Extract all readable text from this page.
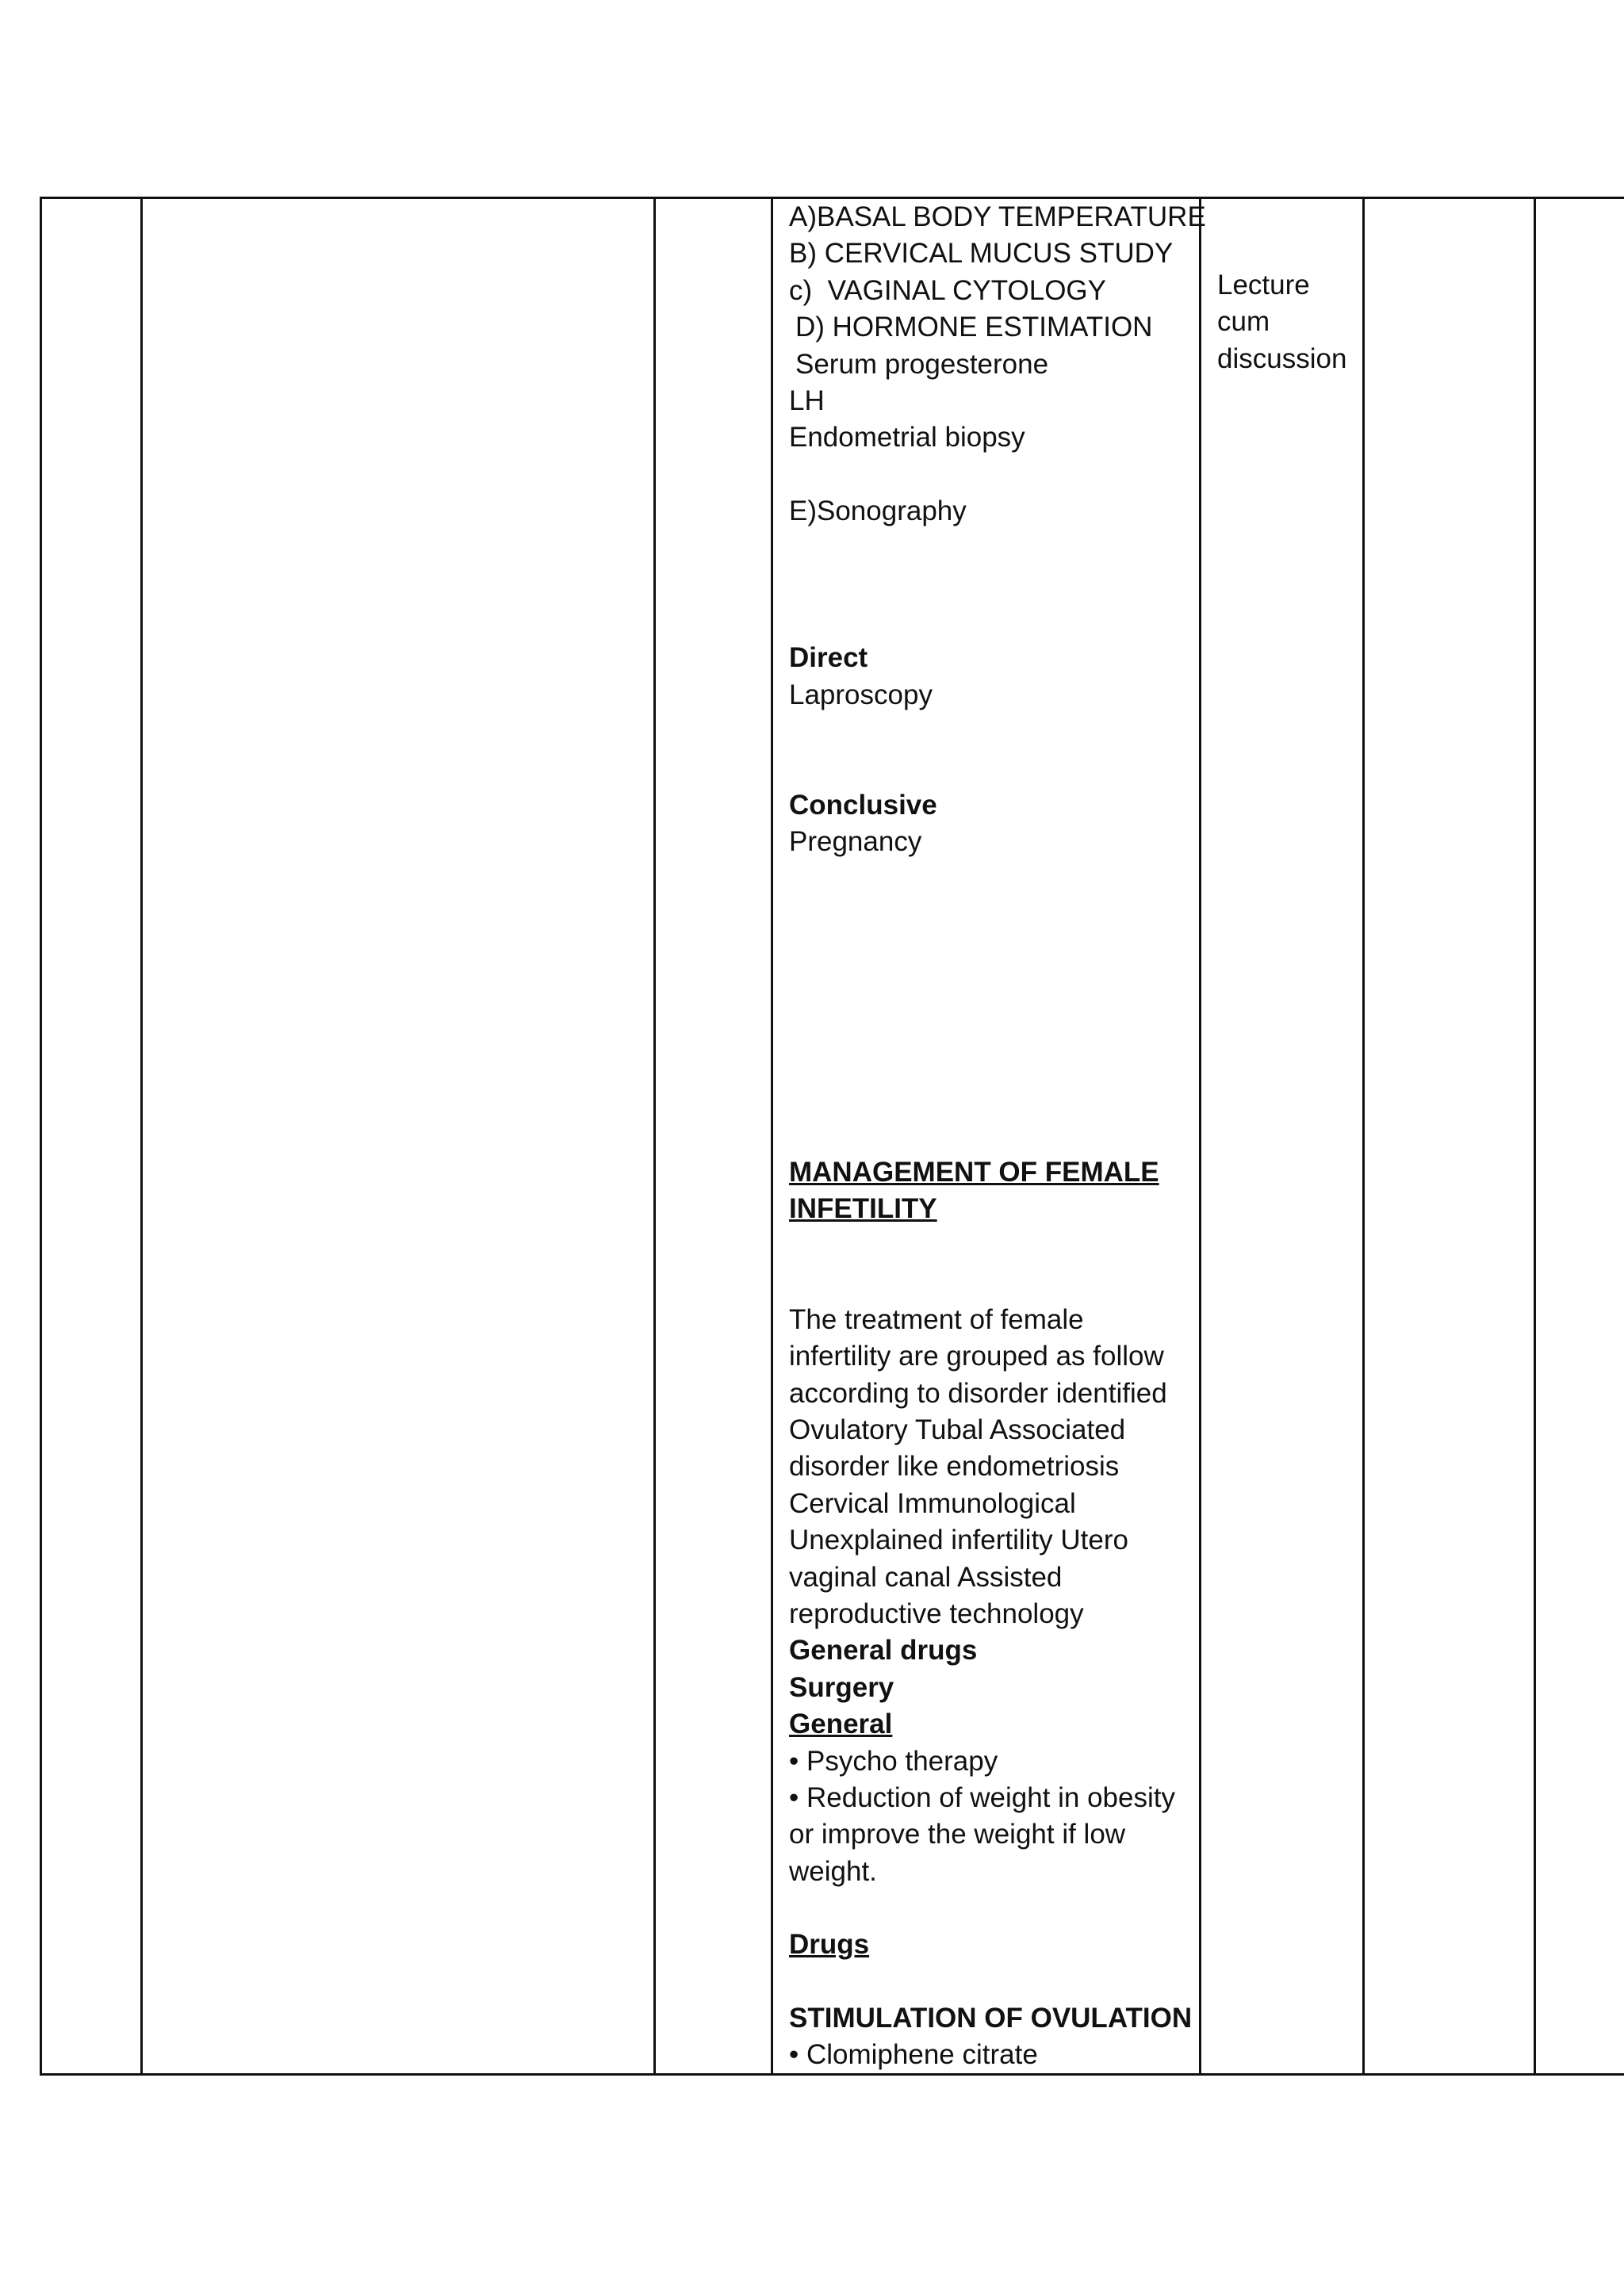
A)BASAL BODY TEMPERATURE
B) CERVICAL MUCUS STUDY
c)  VAGINAL CYTOLOGY
D) HORMONE ESTIMATION
Serum progesterone
LH
Endometrial biopsy
E)Sonography
Direct
Laproscopy
Conclusive
Pregnancy
MANAGEMENT OF FEMALE
INFETILITY
The treatment of female
infertility are grouped as follow
according to disorder identified
Ovulatory Tubal Associated
disorder like endometriosis
Cervical Immunological
Unexplained infertility Utero
vaginal canal Assisted
reproductive technology
General drugs
Surgery
General
• Psycho therapy
• Reduction of weight in obesity
or improve the weight if low
weight.
Drugs
STIMULATION OF OVULATION
• Clomiphene citrate

Lecture
cum
discussion
